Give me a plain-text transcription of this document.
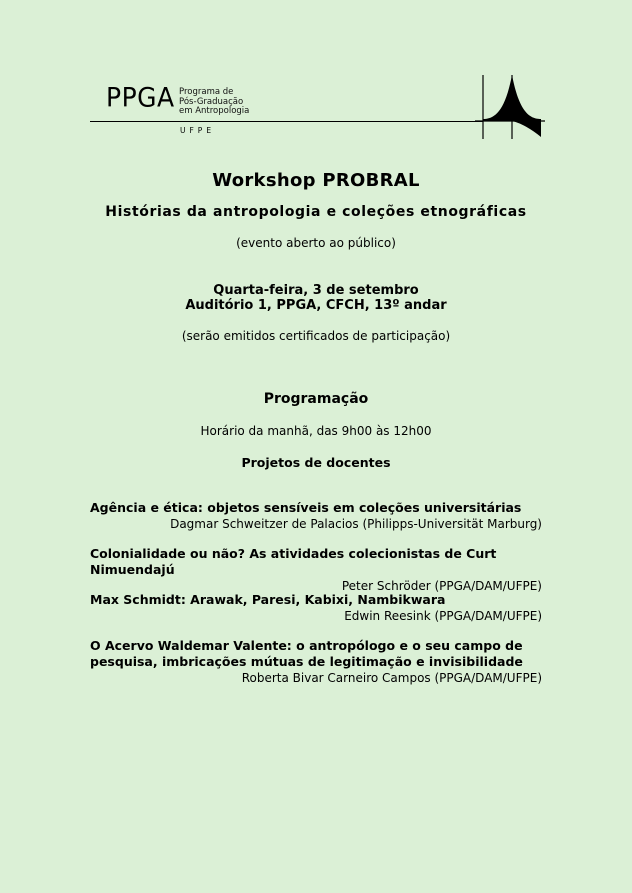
PPGA Programa de
Pós-Graduação
em Antropologia
UFPE
Workshop PROBRAL
Histórias da antropologia e coleções etnográficas
(evento aberto ao público)
Quarta-feira, 3 de setembro
Auditório 1, PPGA, CFCH, 13º andar
(serão emitidos certificados de participação)
Programação
Horário da manhã, das 9h00 às 12h00
Projetos de docentes
Agência e ética: objetos sensíveis em coleções universitárias
Dagmar Schweitzer de Palacios (Philipps-Universität Marburg)
Colonialidade ou não? As atividades colecionistas de Curt Nimuendajú
Peter Schröder (PPGA/DAM/UFPE)
Max Schmidt: Arawak, Paresi, Kabixi, Nambikwara
Edwin Reesink (PPGA/DAM/UFPE)
O Acervo Waldemar Valente: o antropólogo e o seu campo de pesquisa, imbricações mútuas de legitimação e invisibilidade
Roberta Bivar Carneiro Campos (PPGA/DAM/UFPE)
